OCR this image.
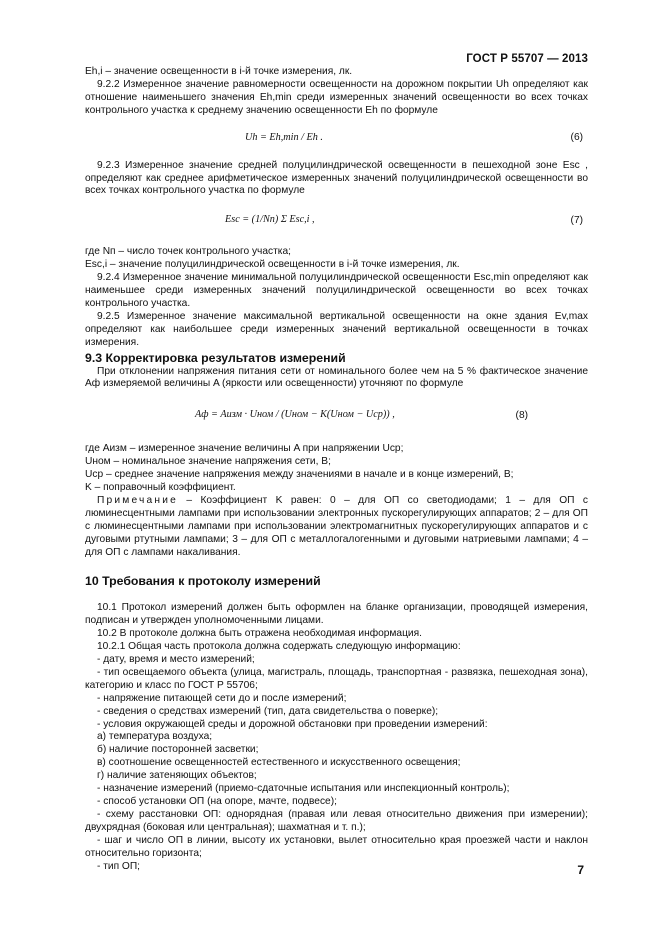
ГОСТ Р 55707 — 2013

Eh,i – значение освещенности в i-й точке измерения, лк.

9.2.2 Измеренное значение равномерности освещенности на дорожном покрытии Uh определяют как отношение наименьшего значения Eh,min среди измеренных значений освещенности во всех точках контрольного участка к среднему значению освещенности Eh по формуле

Uh = Eh,min / Eh .	(6)

9.2.3 Измеренное значение средней полуцилиндрической освещенности в пешеходной зоне Esc , определяют как среднее арифметическое измеренных значений полуцилиндрической освещенности во всех точках контрольного участка по формуле

Esc = (1/Nп) Σ Esc,i ,	(7)

где Nп – число точек контрольного участка;

Esc,i – значение полуцилиндрической освещенности в i-й точке измерения, лк.

9.2.4 Измеренное значение минимальной полуцилиндрической освещенности Esc,min определяют как наименьшее среди измеренных значений полуцилиндрической освещенности во всех точках контрольного участка.

9.2.5 Измеренное значение максимальной вертикальной освещенности на окне здания Ev,max определяют как наибольшее среди измеренных значений вертикальной освещенности в точках измерения.

9.3 Корректировка результатов измерений

При отклонении напряжения питания сети от номинального более чем на 5 % фактическое значение Aф измеряемой величины A (яркости или освещенности) уточняют по формуле

Aф = Aизм · Uном / (Uном − K(Uном − Uср)) ,	(8)

где Aизм – измеренное значение величины A при напряжении Uср;

Uном – номинальное значение напряжения сети, В;

Uср – среднее значение напряжения между значениями в начале и в конце измерений, В;

K – поправочный коэффициент.

Примечание – Коэффициент K равен: 0 – для ОП со светодиодами; 1 – для ОП с люминесцентными лампами при использовании электронных пускорегулирующих аппаратов; 2 – для ОП с люминесцентными лампами при использовании электромагнитных пускорегулирующих аппаратов и с дуговыми ртутными лампами; 3 – для ОП с металлогалогенными и дуговыми натриевыми лампами; 4 – для ОП с лампами накаливания.

10 Требования к протоколу измерений

10.1 Протокол измерений должен быть оформлен на бланке организации, проводящей измерения, подписан и утвержден уполномоченными лицами.

10.2 В протоколе должна быть отражена необходимая информация.

10.2.1 Общая часть протокола должна содержать следующую информацию:

- дату, время и место измерений;

- тип освещаемого объекта (улица, магистраль, площадь, транспортная - развязка, пешеходная зона), категорию и класс по ГОСТ Р 55706;

- напряжение питающей сети до и после измерений;

- сведения о средствах измерений (тип, дата свидетельства о поверке);

- условия окружающей среды и дорожной обстановки при проведении измерений:

а) температура воздуха;

б) наличие посторонней засветки;

в) соотношение освещенностей естественного и искусственного освещения;

г) наличие затеняющих объектов;

- назначение измерений (приемо-сдаточные испытания или инспекционный контроль);

- способ установки ОП (на опоре, мачте, подвесе);

- схему расстановки ОП: однорядная (правая или левая относительно движения при измерении); двухрядная (боковая или центральная); шахматная и т. п.);

- шаг и число ОП в линии, высоту их установки, вылет относительно края проезжей части и наклон относительно горизонта;

- тип ОП;	7
